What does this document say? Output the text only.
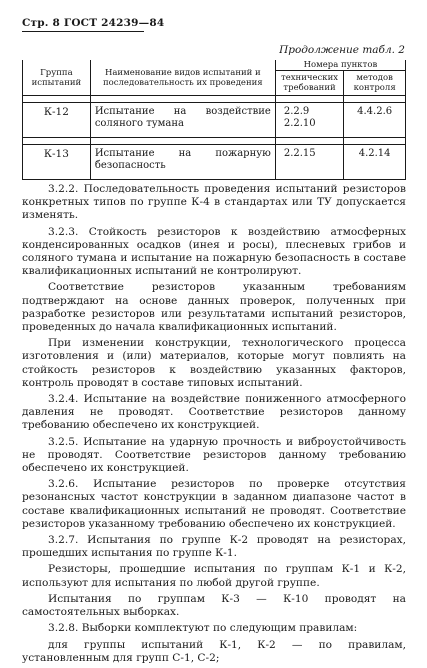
Стр. 8 ГОСТ 24239—84
Продолжение табл. 2
Группа испытаний	Наименование видов испытаний и последовательность их проведения	Номера пунктов	
		технических требований	методов контроля

К-12	Испытание на воздействие соляного тумана	2.2.9 2.2.10	4.4.2.6

К-13	Испытание на пожарную безопасность	2.2.15	4.2.14

3.2.2. Последовательность проведения испытаний резисторов конкретных типов по группе К-4 в стандартах или ТУ допускается изменять.

3.2.3. Стойкость резисторов к воздействию атмосферных конденсированных осадков (инея и росы), плесневых грибов и соляного тумана и испытание на пожарную безопасность в составе квалификационных испытаний не контролируют.

Соответствие резисторов указанным требованиям подтверждают на основе данных проверок, полученных при разработке резисторов или результатами испытаний резисторов, проведенных до начала квалификационных испытаний.

При изменении конструкции, технологического процесса изготовления и (или) материалов, которые могут повлиять на стойкость резисторов к воздействию указанных факторов, контроль проводят в составе типовых испытаний.

3.2.4. Испытание на воздействие пониженного атмосферного давления не проводят. Соответствие резисторов данному требованию обеспечено их конструкцией.

3.2.5. Испытание на ударную прочность и виброустойчивость не проводят. Соответствие резисторов данному требованию обеспечено их конструкцией.

3.2.6. Испытание резисторов по проверке отсутствия резонансных частот конструкции в заданном диапазоне частот в составе квалификационных испытаний не проводят. Соответствие резисторов указанному требованию обеспечено их конструкцией.

3.2.7. Испытания по группе К-2 проводят на резисторах, прошедших испытания по группе К-1.

Резисторы, прошедшие испытания по группам К-1 и К-2, используют для испытания по любой другой группе.

Испытания по группам К-3 — К-10 проводят на самостоятельных выборках.

3.2.8. Выборки комплектуют по следующим правилам:

для группы испытаний К-1, К-2 — по правилам, установленным для групп С-1, С-2;
